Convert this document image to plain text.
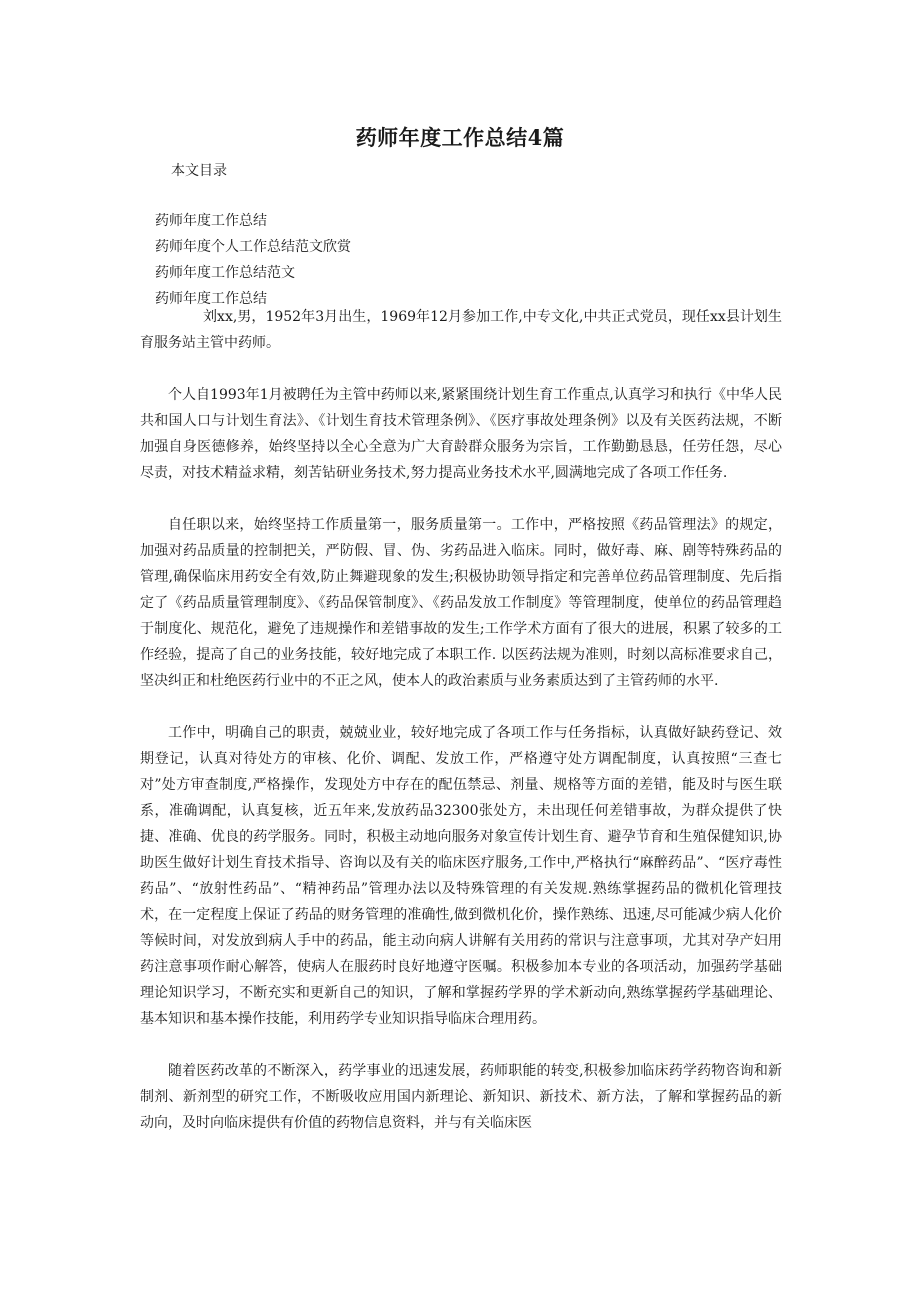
药师年度工作总结4篇
本文目录
药师年度工作总结
药师年度个人工作总结范文欣赏
药师年度工作总结范文
药师年度工作总结

刘xx,男，1952年3月出生，1969年12月参加工作,中专文化,中共正式党员，现任xx县计划生育服务站主管中药师。

个人自1993年1月被聘任为主管中药师以来,紧紧围绕计划生育工作重点,认真学习和执行《中华人民共和国人口与计划生育法》、《计划生育技术管理条例》、《医疗事故处理条例》以及有关医药法规，不断加强自身医德修养，始终坚持以全心全意为广大育龄群众服务为宗旨，工作勤勤恳恳，任劳任怨，尽心尽责，对技术精益求精，刻苦钻研业务技术,努力提高业务技术水平,圆满地完成了各项工作任务.

自任职以来，始终坚持工作质量第一，服务质量第一。工作中，严格按照《药品管理法》的规定，加强对药品质量的控制把关，严防假、冒、伪、劣药品进入临床。同时，做好毒、麻、剧等特殊药品的管理,确保临床用药安全有效,防止舞避现象的发生;积极协助领导指定和完善单位药品管理制度、先后指定了《药品质量管理制度》、《药品保管制度》、《药品发放工作制度》等管理制度，使单位的药品管理趋于制度化、规范化，避免了违规操作和差错事故的发生;工作学术方面有了很大的进展，积累了较多的工作经验，提高了自己的业务技能，较好地完成了本职工作. 以医药法规为准则，时刻以高标准要求自己，坚决纠正和杜绝医药行业中的不正之风，使本人的政治素质与业务素质达到了主管药师的水平.

工作中，明确自己的职责，兢兢业业，较好地完成了各项工作与任务指标，认真做好缺药登记、效期登记，认真对待处方的审核、化价、调配、发放工作，严格遵守处方调配制度，认真按照“三查七对”处方审查制度,严格操作，发现处方中存在的配伍禁忌、剂量、规格等方面的差错，能及时与医生联系，准确调配，认真复核，近五年来,发放药品32300张处方，未出现任何差错事故，为群众提供了快捷、准确、优良的药学服务。同时，积极主动地向服务对象宣传计划生育、避孕节育和生殖保健知识,协助医生做好计划生育技术指导、咨询以及有关的临床医疗服务,工作中,严格执行“麻醉药品”、“医疗毒性药品”、“放射性药品”、“精神药品”管理办法以及特殊管理的有关发规.熟练掌握药品的微机化管理技术，在一定程度上保证了药品的财务管理的准确性,做到微机化价，操作熟练、迅速,尽可能减少病人化价等候时间，对发放到病人手中的药品，能主动向病人讲解有关用药的常识与注意事项，尤其对孕产妇用药注意事项作耐心解答，使病人在服药时良好地遵守医嘱。积极参加本专业的各项活动，加强药学基础理论知识学习，不断充实和更新自己的知识，了解和掌握药学界的学术新动向,熟练掌握药学基础理论、基本知识和基本操作技能，利用药学专业知识指导临床合理用药。

随着医药改革的不断深入，药学事业的迅速发展，药师职能的转变,积极参加临床药学药物咨询和新制剂、新剂型的研究工作，不断吸收应用国内新理论、新知识、新技术、新方法，了解和掌握药品的新动向，及时向临床提供有价值的药物信息资料，并与有关临床医
